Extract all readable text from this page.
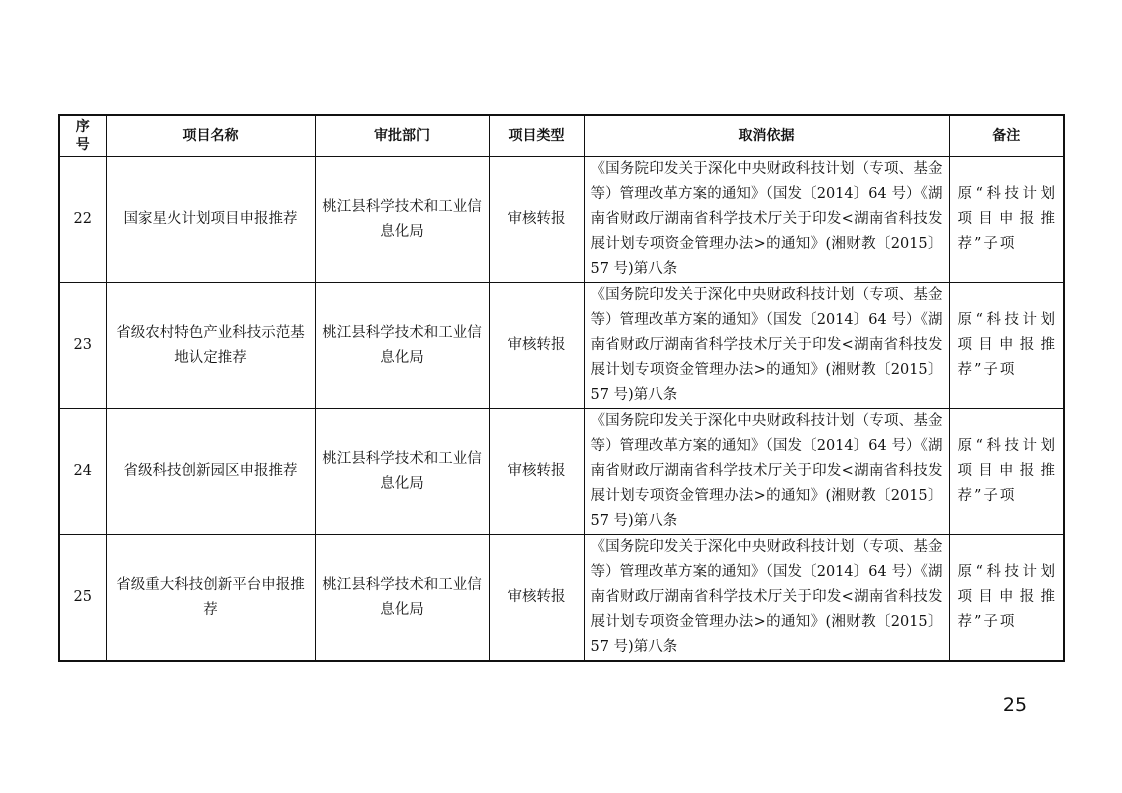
序
号	项目名称	审批部门	项目类型	取消依据	备注
22	国家星火计划项目申报推荐	桃江县科学技术和工业信息化局	审核转报	《国务院印发关于深化中央财政科技计划（专项、基金等）管理改革方案的通知》（国发〔2014〕64 号）《湖南省财政厅湖南省科学技术厅关于印发<湖南省科技发展计划专项资金管理办法>的通知》(湘财教〔2015〕57 号)第八条	原“科技计划项目申报推荐”子项

23	省级农村特色产业科技示范基地认定推荐	桃江县科学技术和工业信息化局	审核转报	《国务院印发关于深化中央财政科技计划（专项、基金等）管理改革方案的通知》（国发〔2014〕64 号）《湖南省财政厅湖南省科学技术厅关于印发<湖南省科技发展计划专项资金管理办法>的通知》(湘财教〔2015〕57 号)第八条	原“科技计划项目申报推荐”子项

24	省级科技创新园区申报推荐	桃江县科学技术和工业信息化局	审核转报	《国务院印发关于深化中央财政科技计划（专项、基金等）管理改革方案的通知》（国发〔2014〕64 号）《湖南省财政厅湖南省科学技术厅关于印发<湖南省科技发展计划专项资金管理办法>的通知》(湘财教〔2015〕57 号)第八条	原“科技计划项目申报推荐”子项

25	省级重大科技创新平台申报推荐	桃江县科学技术和工业信息化局	审核转报	《国务院印发关于深化中央财政科技计划（专项、基金等）管理改革方案的通知》（国发〔2014〕64 号）《湖南省财政厅湖南省科学技术厅关于印发<湖南省科技发展计划专项资金管理办法>的通知》(湘财教〔2015〕57 号)第八条	原“科技计划项目申报推荐”子项
25
